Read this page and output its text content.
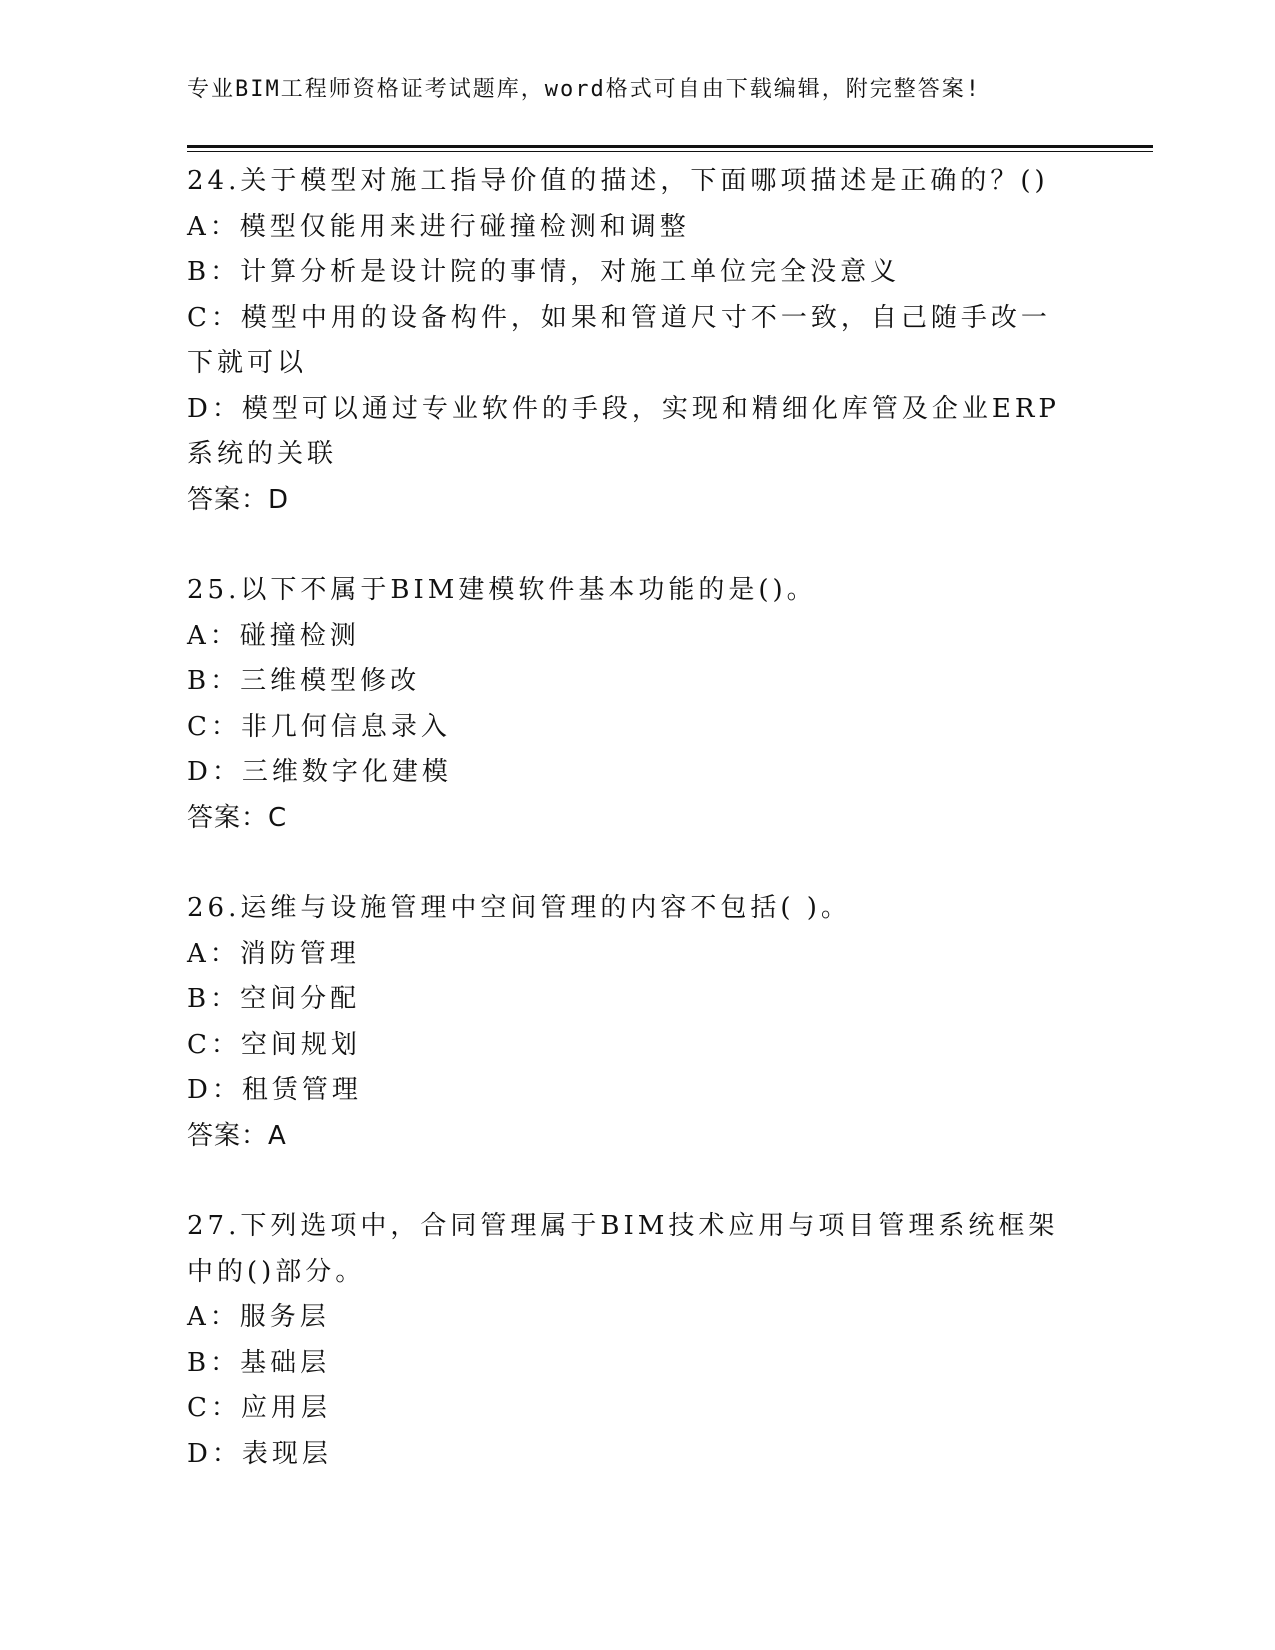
专业BIM工程师资格证考试题库，word格式可自由下载编辑，附完整答案!

24.关于模型对施工指导价值的描述，下面哪项描述是正确的？()

A：模型仅能用来进行碰撞检测和调整

B：计算分析是设计院的事情，对施工单位完全没意义

C：模型中用的设备构件，如果和管道尺寸不一致，自己随手改一下就可以

D：模型可以通过专业软件的手段，实现和精细化库管及企业ERP系统的关联

答案：D

25.以下不属于BIM建模软件基本功能的是()。

A：碰撞检测

B：三维模型修改

C：非几何信息录入

D：三维数字化建模

答案：C

26.运维与设施管理中空间管理的内容不包括( )。

A：消防管理

B：空间分配

C：空间规划

D：租赁管理

答案：A

27.下列选项中，合同管理属于BIM技术应用与项目管理系统框架中的()部分。

A：服务层

B：基础层

C：应用层

D：表现层
